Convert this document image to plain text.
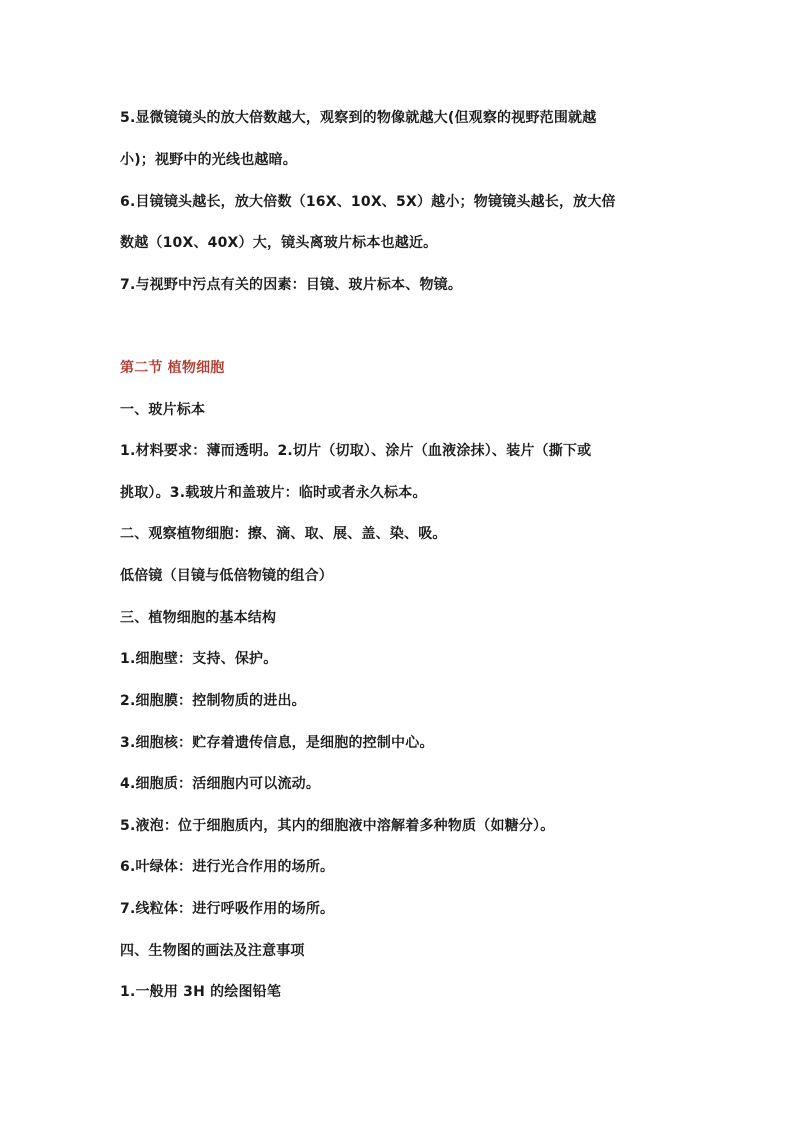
5.显微镜镜头的放大倍数越大，观察到的物像就越大(但观察的视野范围就越
小)；视野中的光线也越暗。
6.目镜镜头越长，放大倍数（16X、10X、5X）越小；物镜镜头越长，放大倍
数越（10X、40X）大，镜头离玻片标本也越近。
7.与视野中污点有关的因素：目镜、玻片标本、物镜。
第二节 植物细胞
一、玻片标本
1.材料要求：薄而透明。2.切片（切取）、涂片（血液涂抹）、装片（撕下或
挑取）。3.载玻片和盖玻片：临时或者永久标本。
二、观察植物细胞：擦、滴、取、展、盖、染、吸。
低倍镜（目镜与低倍物镜的组合）
三、植物细胞的基本结构
1.细胞壁：支持、保护。
2.细胞膜：控制物质的进出。
3.细胞核：贮存着遗传信息，是细胞的控制中心。
4.细胞质：活细胞内可以流动。
5.液泡：位于细胞质内，其内的细胞液中溶解着多种物质（如糖分）。
6.叶绿体：进行光合作用的场所。
7.线粒体：进行呼吸作用的场所。
四、生物图的画法及注意事项
1.一般用 3H 的绘图铅笔
